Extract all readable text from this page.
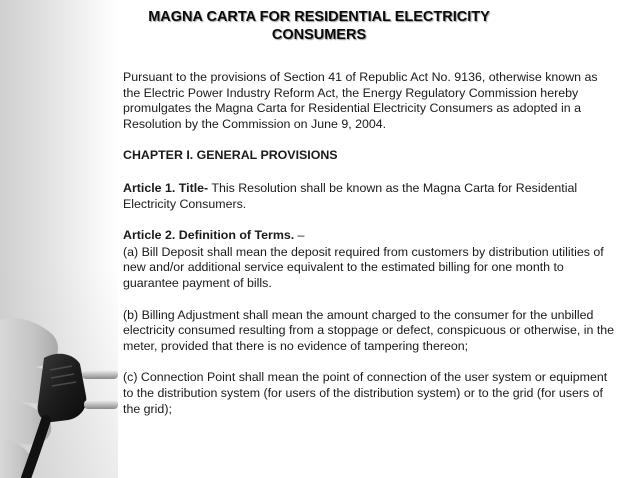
MAGNA CARTA FOR RESIDENTIAL ELECTRICITY
CONSUMERS

Pursuant to the provisions of Section 41 of Republic Act No. 9136, otherwise known as the Electric Power Industry Reform Act, the Energy Regulatory Commission hereby promulgates the Magna Carta for Residential Electricity Consumers as adopted in a Resolution by the Commission on June 9, 2004.

CHAPTER I. GENERAL PROVISIONS

Article 1. Title- This Resolution shall be known as the Magna Carta for Residential Electricity Consumers.

Article 2. Definition of Terms. –

(a) Bill Deposit shall mean the deposit required from customers by distribution utilities of new and/or additional service equivalent to the estimated billing for one month to guarantee payment of bills.

(b) Billing Adjustment shall mean the amount charged to the consumer for the unbilled electricity consumed resulting from a stoppage or defect, conspicuous or otherwise, in the meter, provided that there is no evidence of tampering thereon;

(c) Connection Point shall mean the point of connection of the user system or equipment to the distribution system (for users of the distribution system) or to the grid (for users of the grid);
